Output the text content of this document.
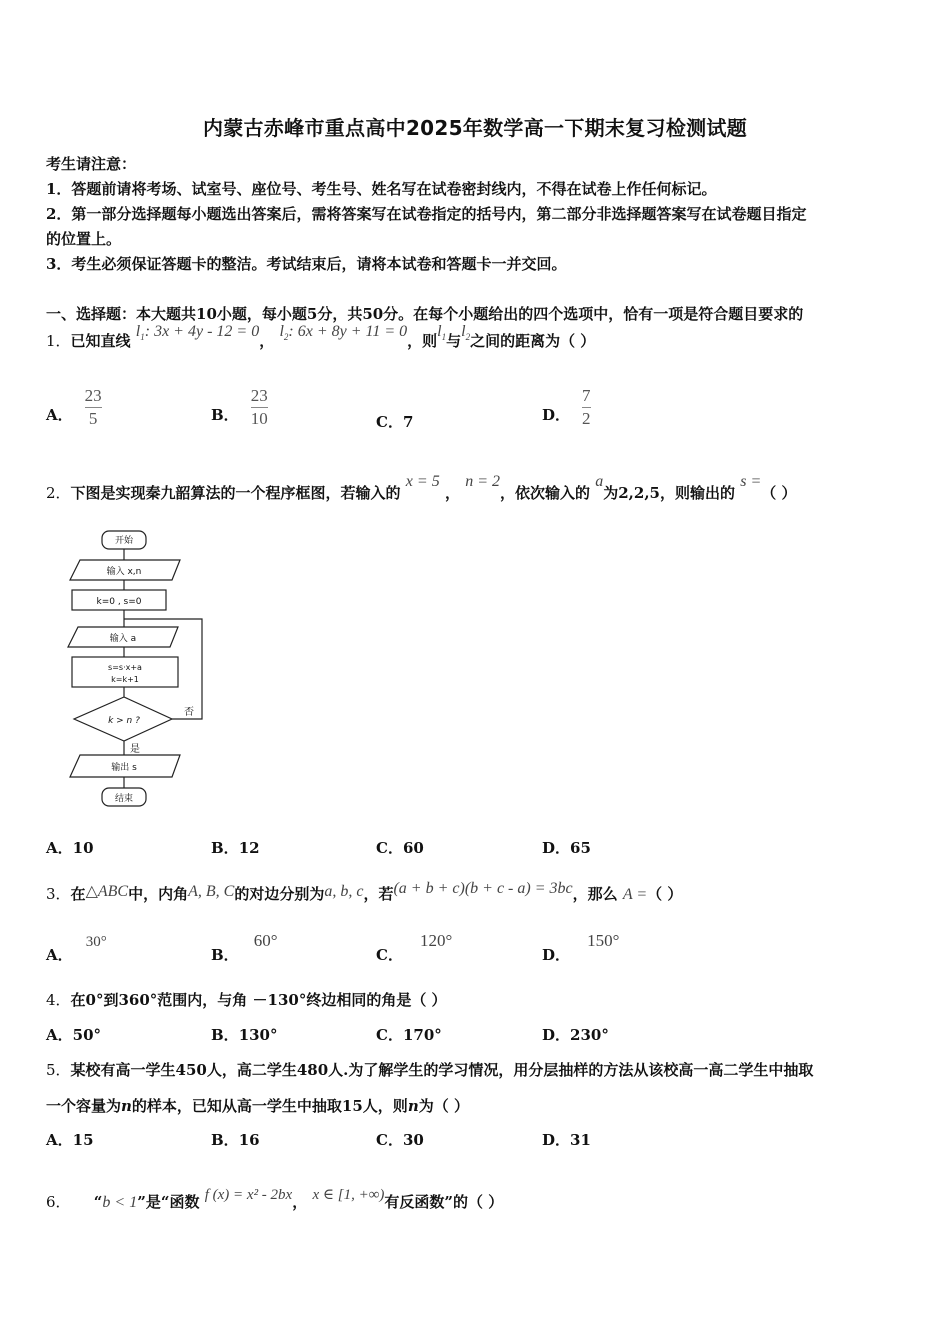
内蒙古赤峰市重点高中2025年数学高一下期末复习检测试题
考生请注意：
1．答题前请将考场、试室号、座位号、考生号、姓名写在试卷密封线内，不得在试卷上作任何标记。
2．第一部分选择题每小题选出答案后，需将答案写在试卷指定的括号内，第二部分非选择题答案写在试卷题目指定
的位置上。
3．考生必须保证答题卡的整洁。考试结束后，请将本试卷和答题卡一并交回。
一、选择题：本大题共10小题，每小题5分，共50分。在每个小题给出的四个选项中，恰有一项是符合题目要求的
1．已知直线 $l_1$: 3x + 4y - 12 = 0， $l_2$: 6x + 8y + 11 = 0，则$l_1$与$l_2$之间的距离为（ ）
A． $\frac{23}{5}$	B． $\frac{23}{10}$	C．7	D． $\frac{7}{2}$
2．下图是实现秦九韶算法的一个程序框图，若输入的 x = 5 ， n = 2，依次输入的 a为2,2,5，则输出的 s =（ ）
开始
输入 x,n
k=0 , s=0
输入 a
s=s·x+a
k=k+1
k > n ?
否
是
输出 s
结束
A．10	B．12	C．60	D．65
3．在△ABC中，内角A, B, C的对边分别为a, b, c，若(a + b + c)(b + c - a) = 3bc，那么 A =（ ）
A． 30°
B． 60°
C． 120°
D． 150°
4．在0°到360°范围内，与角 －130°终边相同的角是（ ）
A．50°	B．130°	C．170°	D．230°
5．某校有高一学生450人，高二学生480人.为了解学生的学习情况，用分层抽样的方法从该校高一高二学生中抽取
一个容量为n的样本，已知从高一学生中抽取15人，则n为（ ）
A．15	B．16	C．30	D．31
6． “b < 1”是“函数 f (x) = x² - 2bx， x ∈ [1, +∞)有反函数”的（ ）
